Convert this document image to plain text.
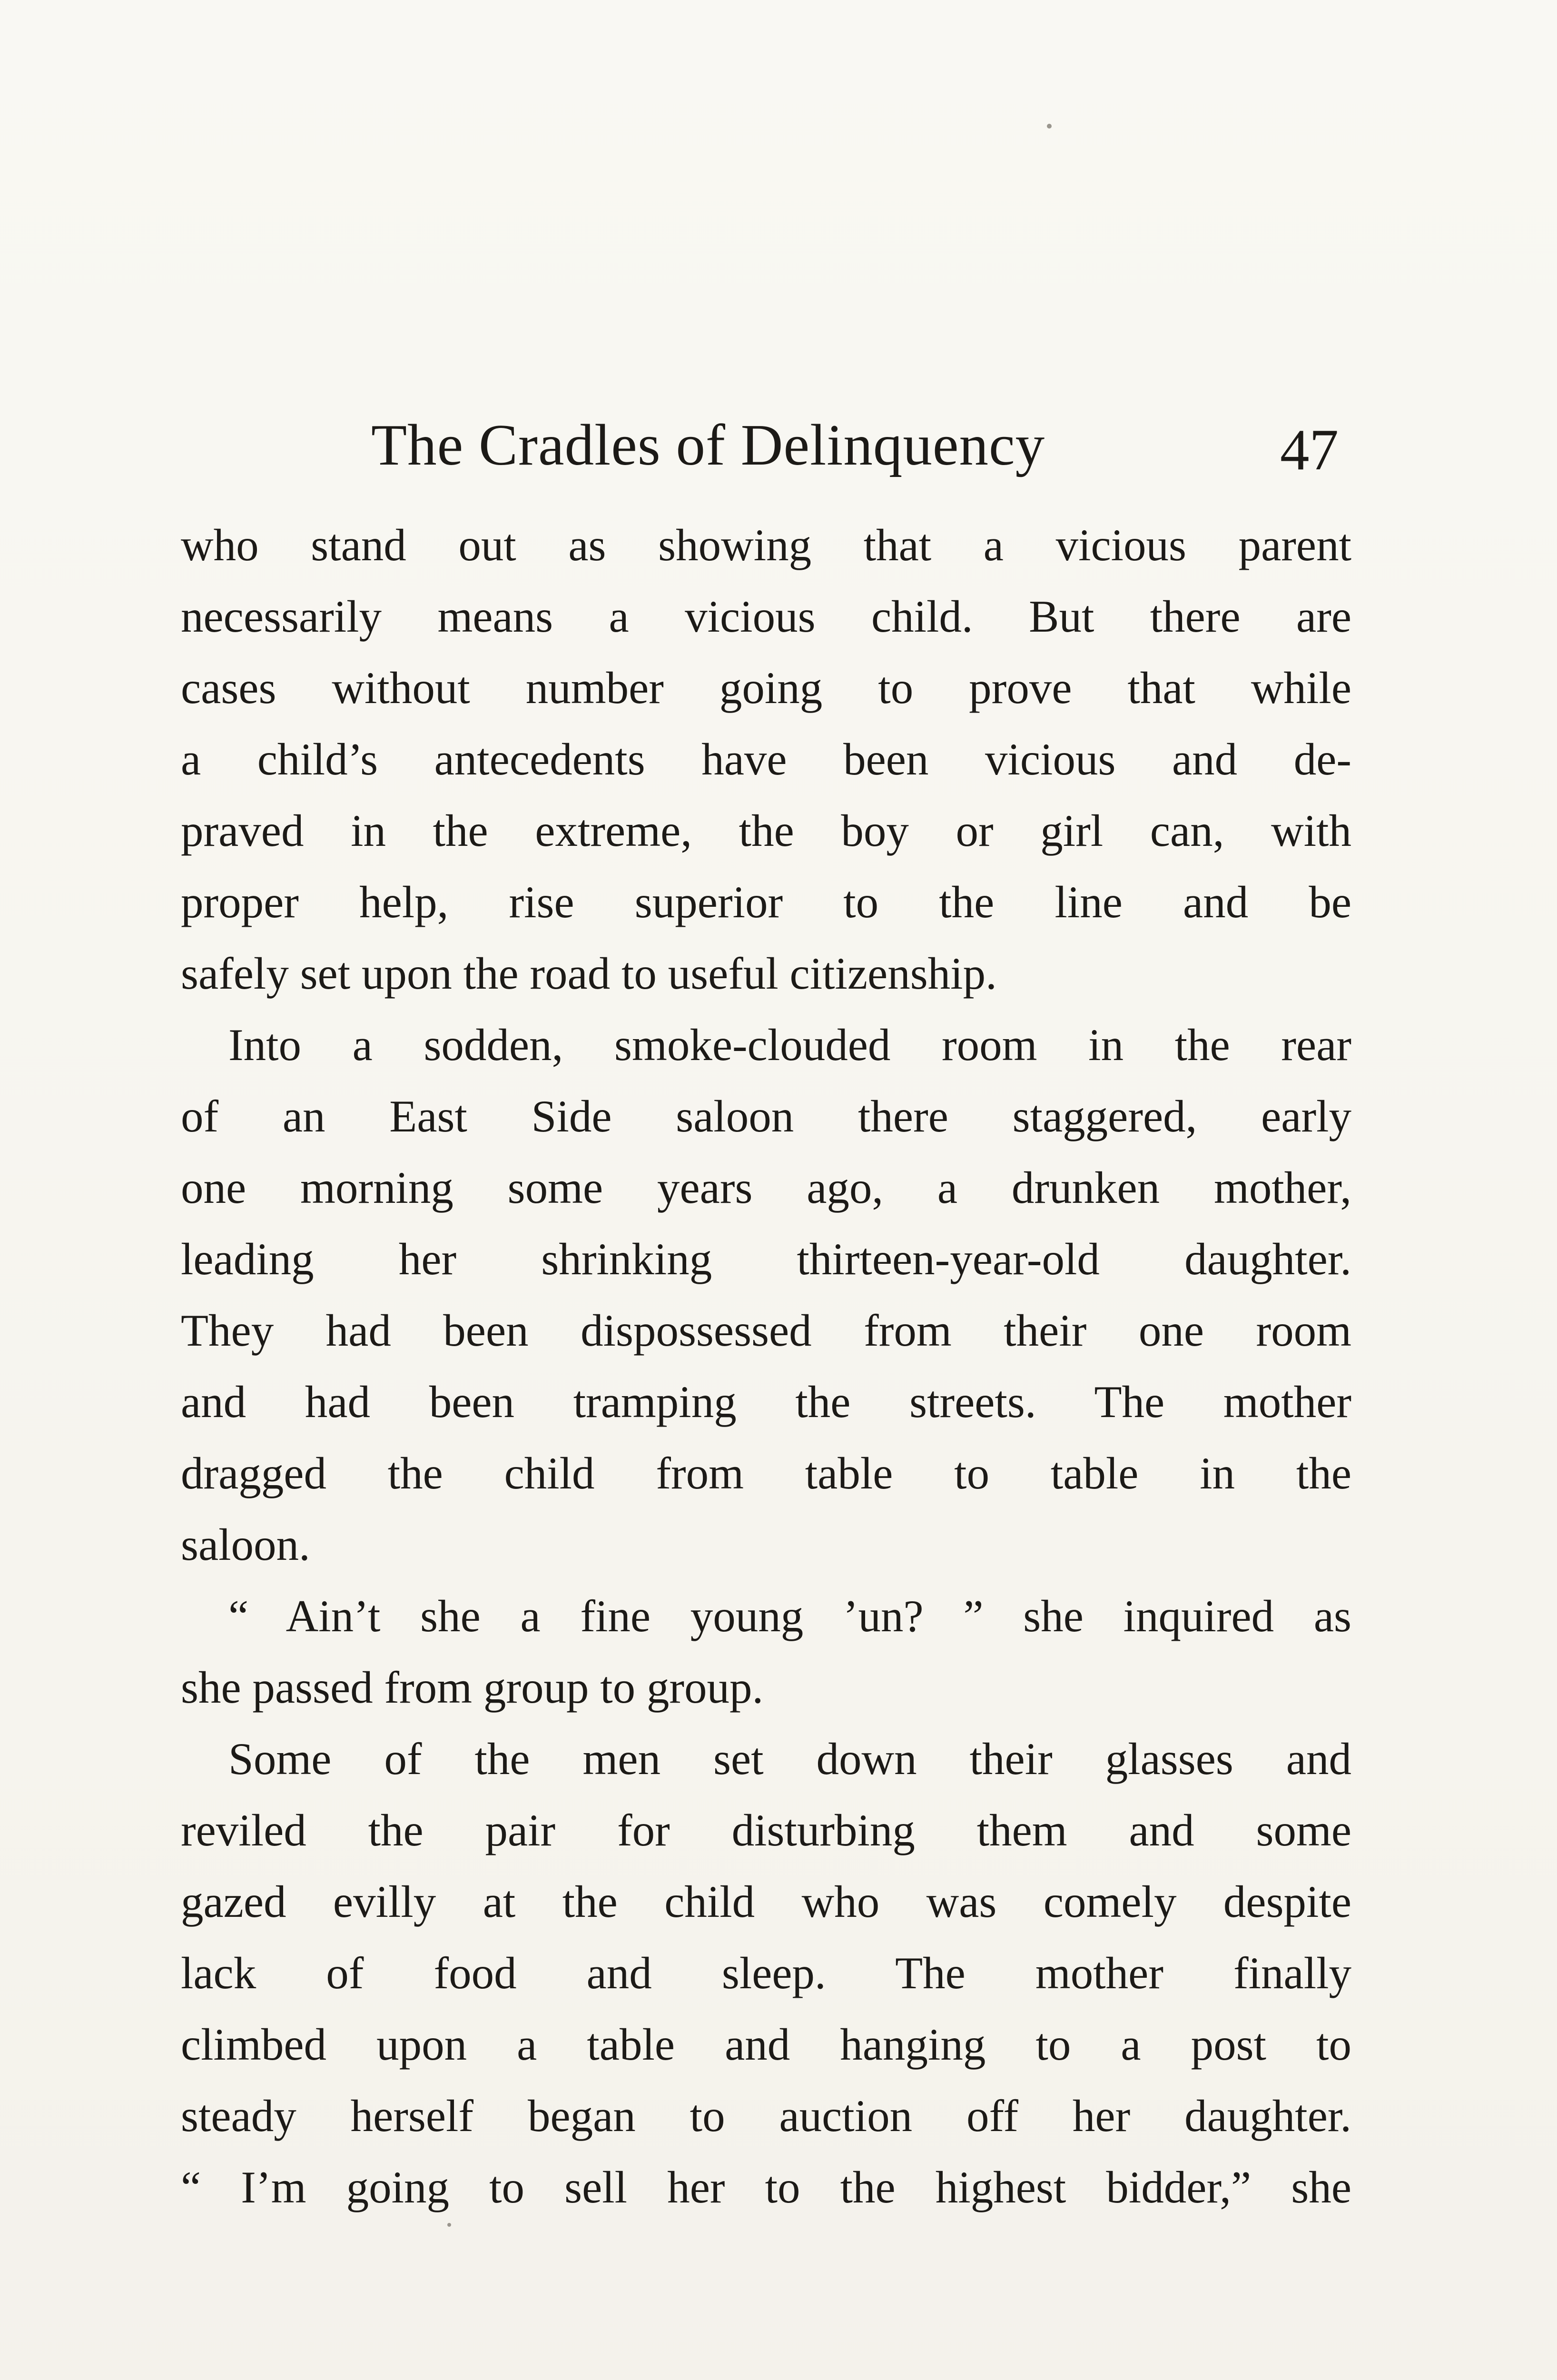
The Cradles of Delinquency	47
who stand out as showing that a vicious parent
necessarily means a vicious child. But there are
cases without number going to prove that while
a child’s antecedents have been vicious and de-
praved in the extreme, the boy or girl can, with
proper help, rise superior to the line and be
safely set upon the road to useful citizenship.
Into a sodden, smoke-clouded room in the rear
of an East Side saloon there staggered, early
one morning some years ago, a drunken mother,
leading her shrinking thirteen-year-old daughter.
They had been dispossessed from their one room
and had been tramping the streets. The mother
dragged the child from table to table in the
saloon.
“ Ain’t she a fine young ’un? ” she inquired as
she passed from group to group.
Some of the men set down their glasses and
reviled the pair for disturbing them and some
gazed evilly at the child who was comely despite
lack of food and sleep. The mother finally
climbed upon a table and hanging to a post to
steady herself began to auction off her daughter.
“ I’m going to sell her to the highest bidder,” she
